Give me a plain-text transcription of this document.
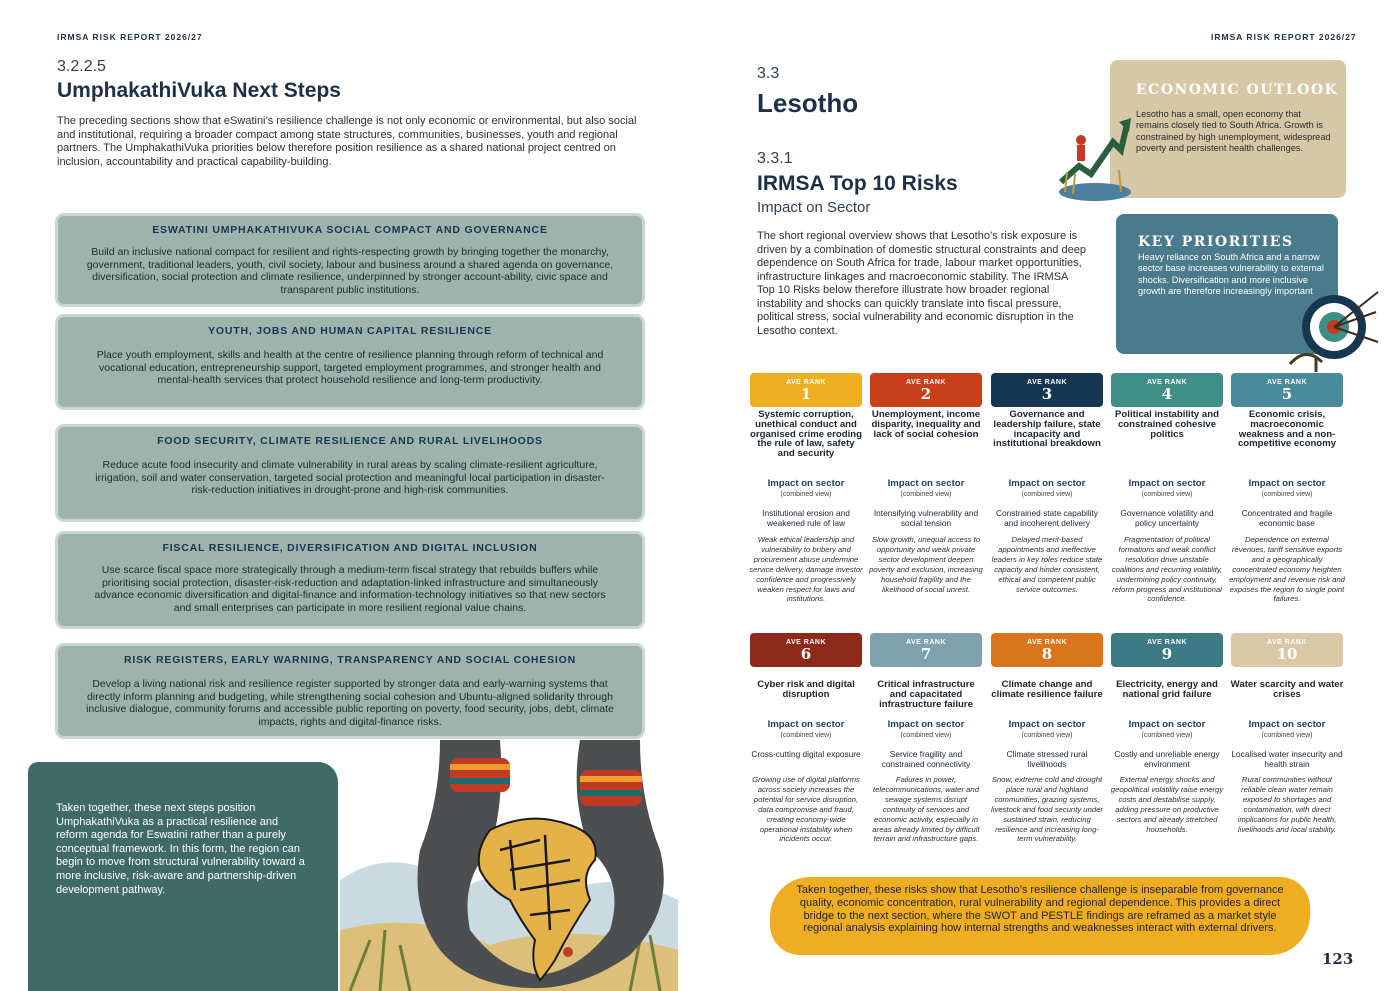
IRMSA RISK REPORT 2026/27
3.2.2.5
UmphakathiVuka Next Steps
The preceding sections show that eSwatini’s resilience challenge is not only economic or environmental, but also social and institutional, requiring a broader compact among state structures, communities, businesses, youth and regional partners. The UmphakathiVuka priorities below therefore position resilience as a shared national project centred on inclusion, accountability and practical capability-building.
ESWATINI UMPHAKATHIVUKA SOCIAL COMPACT AND GOVERNANCE
Build an inclusive national compact for resilient and rights-respecting growth by bringing together the monarchy, government, traditional leaders, youth, civil society, labour and business around a shared agenda on governance, diversification, social protection and climate resilience, underpinned by stronger account-ability, civic space and transparent public institutions.
YOUTH, JOBS AND HUMAN CAPITAL RESILIENCE
Place youth employment, skills and health at the centre of resilience planning through reform of technical and vocational education, entrepreneurship support, targeted employment programmes, and stronger health and mental-health services that protect household resilience and long-term productivity.
FOOD SECURITY, CLIMATE RESILIENCE AND RURAL LIVELIHOODS
Reduce acute food insecurity and climate vulnerability in rural areas by scaling climate-resilient agriculture, irrigation, soil and water conservation, targeted social protection and meaningful local participation in disaster-risk-reduction initiatives in drought-prone and high-risk communities.
FISCAL RESILIENCE, DIVERSIFICATION AND DIGITAL INCLUSION
Use scarce fiscal space more strategically through a medium-term fiscal strategy that rebuilds buffers while prioritising social protection, disaster-risk-reduction and adaptation-linked infrastructure and simultaneously advance economic diversification and digital-finance and information-technology initiatives so that new sectors and small enterprises can participate in more resilient regional value chains.
RISK REGISTERS, EARLY WARNING, TRANSPARENCY AND SOCIAL COHESION
Develop a living national risk and resilience register supported by stronger data and early-warning systems that directly inform planning and budgeting, while strengthening social cohesion and Ubuntu-aligned solidarity through inclusive dialogue, community forums and accessible public reporting on poverty, food security, jobs, debt, climate impacts, rights and digital-finance risks.
Taken together, these next steps position UmphakathiVuka as a practical resilience and reform agenda for Eswatini rather than a purely conceptual framework. In this form, the region can begin to move from structural vulnerability toward a more inclusive, risk-aware and partnership-driven development pathway.
IRMSA RISK REPORT 2026/27
3.3
Lesotho
3.3.1
IRMSA Top 10 Risks
Impact on Sector
The short regional overview shows that Lesotho’s risk exposure is driven by a combination of domestic structural constraints and deep dependence on South Africa for trade, labour market opportunities, infrastructure linkages and macroeconomic stability. The IRMSA Top 10 Risks below therefore illustrate how broader regional instability and shocks can quickly translate into fiscal pressure, political stress, social vulnerability and economic disruption in the Lesotho context.
ECONOMIC OUTLOOK
Lesotho has a small, open economy that remains closely tied to South Africa. Growth is constrained by high unemployment, widespread poverty and persistent health challenges.
KEY PRIORITIES
Heavy reliance on South Africa and a narrow sector base increases vulnerability to external shocks. Diversification and more inclusive growth are therefore increasingly important
AVE RANK
1
Systemic corruption, unethical conduct and organised crime eroding the rule of law, safety and security
Impact on sector
(combined view)
Institutional erosion and weakened rule of law
Weak ethical leadership and vulnerability to bribery and procurement abuse undermine service delivery, damage investor confidence and progressively weaken respect for laws and institutions.
AVE RANK
2
Unemployment, income disparity, inequality and lack of social cohesion
Impact on sector
(combined view)
Intensifying vulnerability and social tension
Slow growth, unequal access to opportunity and weak private sector development deepen poverty and exclusion, increasing household fragility and the likelihood of social unrest.
AVE RANK
3
Governance and leadership failure, state incapacity and institutional breakdown
Impact on sector
(combined view)
Constrained state capability and incoherent delivery
Delayed merit-based appointments and ineffective leaders in key roles reduce state capacity and hinder consistent, ethical and competent public service outcomes.
AVE RANK
4
Political instability and constrained cohesive politics
Impact on sector
(combined view)
Governance volatility and policy uncertainty
Fragmentation of political formations and weak conflict resolution drive unstable coalitions and recurring volatility, undermining policy continuity, reform progress and institutional confidence.
AVE RANK
5
Economic crisis, macroeconomic weakness and a non-competitive economy
Impact on sector
(combined view)
Concentrated and fragile economic base
Dependence on external revenues, tariff sensitive exports and a geographically concentrated economy heighten employment and revenue risk and exposes the region to single point failures.
AVE RANK
6
Cyber risk and digital disruption
Impact on sector
(combined view)
Cross-cutting digital exposure
Growing use of digital platforms across society increases the potential for service disruption, data compromise and fraud, creating economy-wide operational instability when incidents occur.
AVE RANK
7
Critical infrastructure and capacitated infrastructure failure
Impact on sector
(combined view)
Service fragility and constrained connectivity
Failures in power, telecommunications, water and sewage systems disrupt continuity of services and economic activity, especially in areas already limited by difficult terrain and infrastructure gaps.
AVE RANK
8
Climate change and climate resilience failure
Impact on sector
(combined view)
Climate stressed rural livelihoods
Snow, extreme cold and drought place rural and highland communities, grazing systems, livestock and food security under sustained strain, reducing resilience and increasing long-term vulnerability.
AVE RANK
9
Electricity, energy and national grid failure
Impact on sector
(combined view)
Costly and unreliable energy environment
External energy shocks and geopolitical volatility raise energy costs and destabilise supply, adding pressure on productive sectors and already stretched households.
AVE RANK
10
Water scarcity and water crises
Impact on sector
(combined view)
Localised water insecurity and health strain
Rural communities without reliable clean water remain exposed to shortages and contamination, with direct implications for public health, livelihoods and local stability.
Taken together, these risks show that Lesotho’s resilience challenge is inseparable from governance quality, economic concentration, rural vulnerability and regional dependence. This provides a direct bridge to the next section, where the SWOT and PESTLE findings are reframed as a market style regional analysis explaining how internal strengths and weaknesses interact with external drivers.
123
